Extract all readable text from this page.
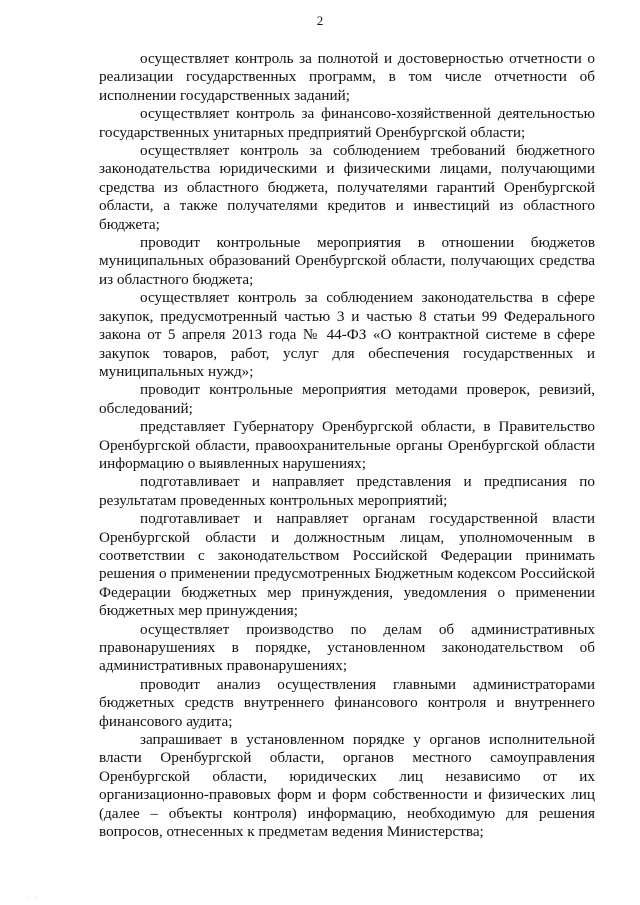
2

осуществляет контроль за полнотой и достоверностью отчетности о реализации государственных программ, в том числе отчетности об исполнении государственных заданий;

осуществляет контроль за финансово-хозяйственной деятельностью государственных унитарных предприятий Оренбургской области;

осуществляет контроль за соблюдением требований бюджетного законодательства юридическими и физическими лицами, получающими средства из областного бюджета, получателями гарантий Оренбургской области, а также получателями кредитов и инвестиций из областного бюджета;

проводит контрольные мероприятия в отношении бюджетов муниципальных образований Оренбургской области, получающих средства из областного бюджета;

осуществляет контроль за соблюдением законодательства в сфере закупок, предусмотренный частью 3 и частью 8 статьи 99 Федерального закона от 5 апреля 2013 года № 44-ФЗ «О контрактной системе в сфере закупок товаров, работ, услуг для обеспечения государственных и муниципальных нужд»;

проводит контрольные мероприятия методами проверок, ревизий, обследований;

представляет Губернатору Оренбургской области, в Правительство Оренбургской области, правоохранительные органы Оренбургской области информацию о выявленных нарушениях;

подготавливает и направляет представления и предписания по результатам проведенных контрольных мероприятий;

подготавливает и направляет органам государственной власти Оренбургской области и должностным лицам, уполномоченным в соответствии с законодательством Российской Федерации принимать решения о применении предусмотренных Бюджетным кодексом Российской Федерации бюджетных мер принуждения, уведомления о применении бюджетных мер принуждения;

осуществляет производство по делам об административных правонарушениях в порядке, установленном законодательством об административных правонарушениях;

проводит анализ осуществления главными администраторами бюджетных средств внутреннего финансового контроля и внутреннего финансового аудита;

запрашивает в установленном порядке у органов исполнительной власти Оренбургской области, органов местного самоуправления Оренбургской области, юридических лиц независимо от их организационно-правовых форм и форм собственности и физических лиц (далее – объекты контроля) информацию, необходимую для решения вопросов, отнесенных к предметам ведения Министерства;

· ·
